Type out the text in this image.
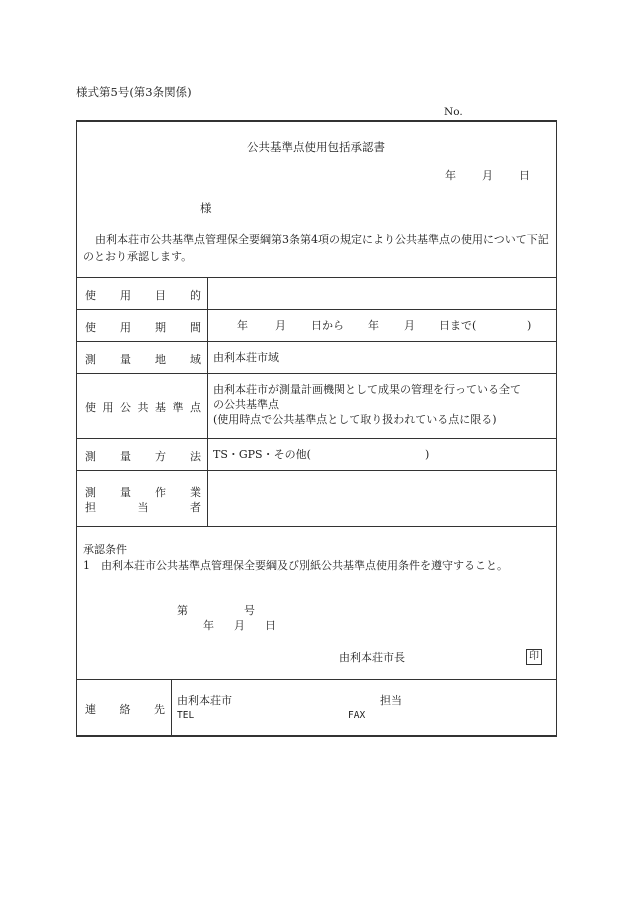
様式第5号(第3条関係)
No.
公共基準点使用包括承認書
年 月 日
様
由利本荘市公共基準点管理保全要綱第3条第4項の規定により公共基準点の使用について下記のとおり承認します。
使 用 目 的
使 用 期 間	年 月 日から 年 月 日まで(	)
測 量 地 域 由利本荘市域
使 用 公 共 基 準 点
由利本荘市が測量計画機関として成果の管理を行っている全て
の公共基準点
(使用時点で公共基準点として取り扱われている点に限る)
測 量 方 法 TS・GPS・その他(	)
測 量 作 業
担	当	者
承認条件
1　由利本荘市公共基準点管理保全要綱及び別紙公共基準点使用条件を遵守すること。
第	号
年 月 日
由利本荘市長	印
連 絡 先
由利本荘市	担当
TEL	FAX
